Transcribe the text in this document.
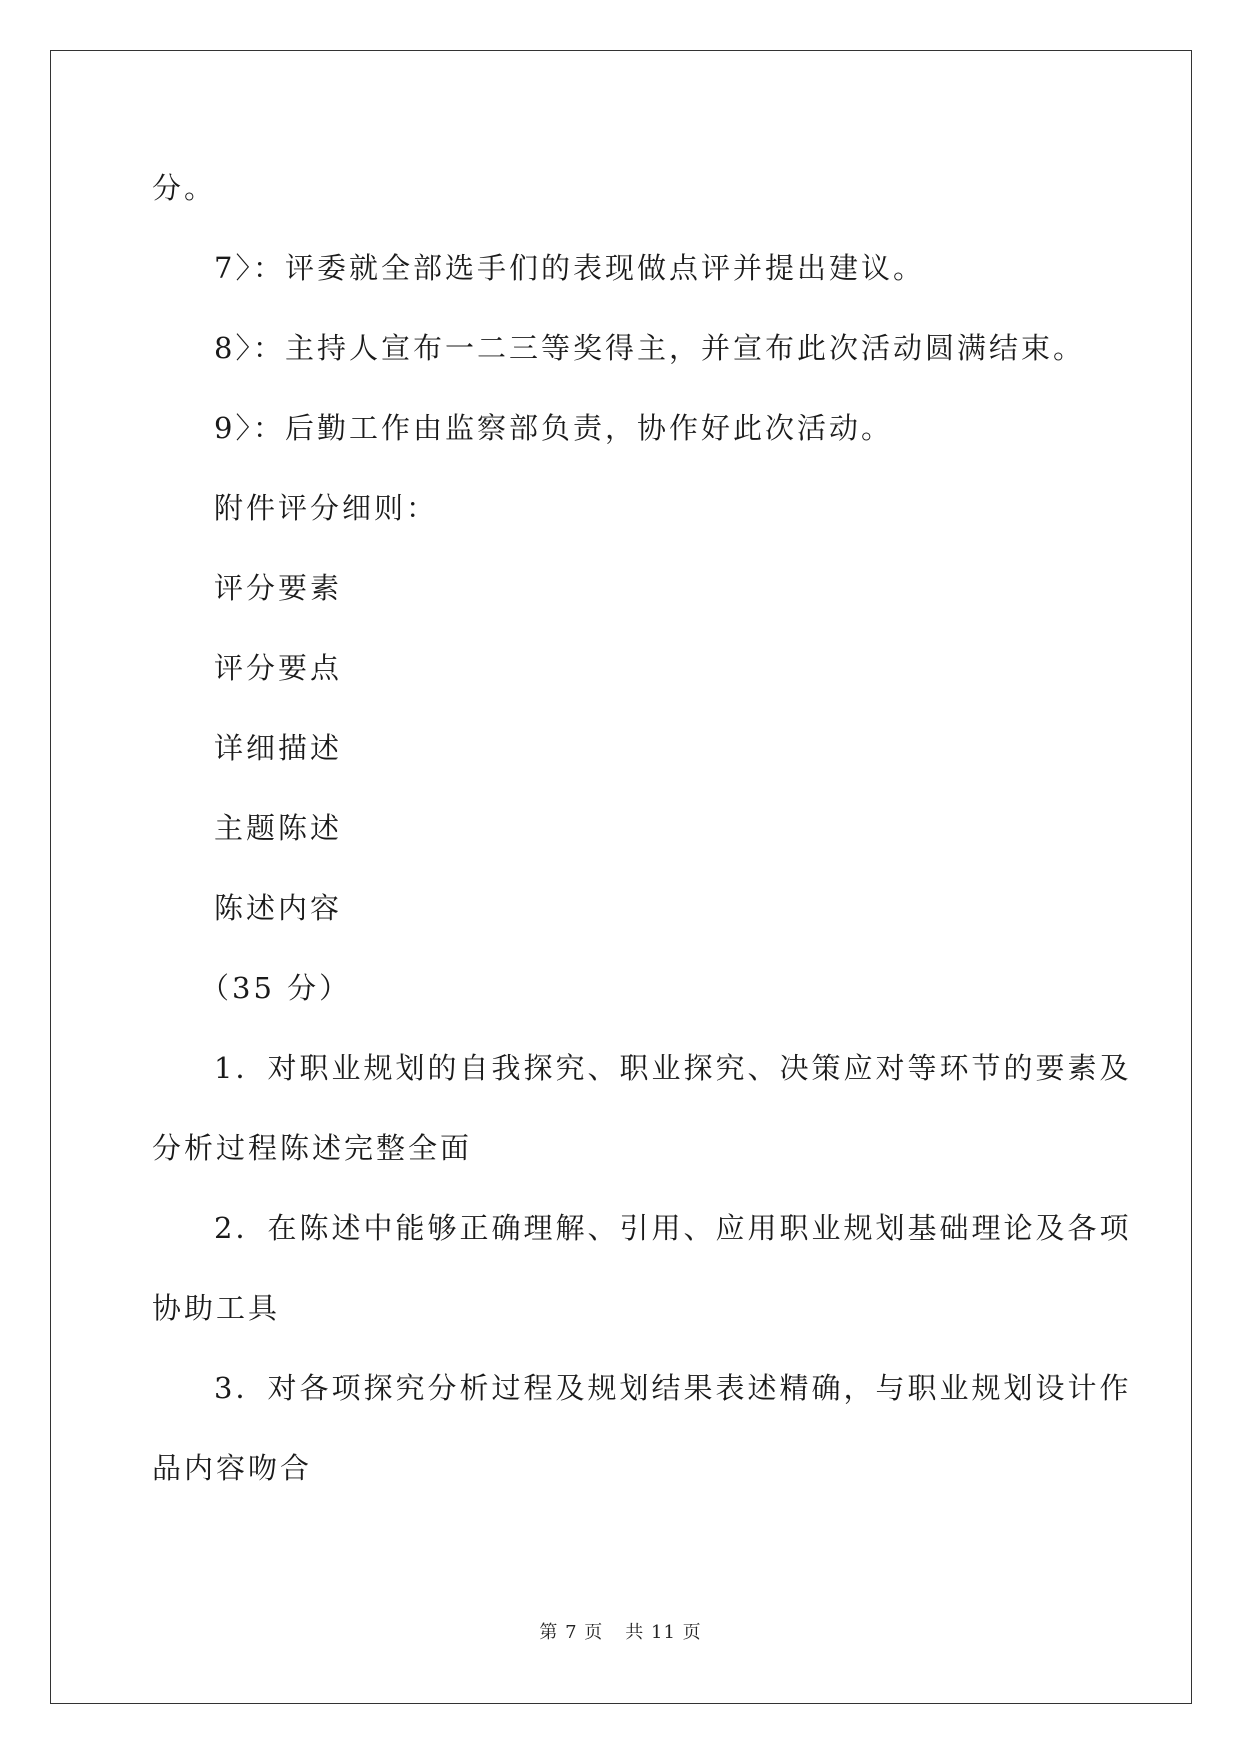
分。
7〉：评委就全部选手们的表现做点评并提出建议。
8〉：主持人宣布一二三等奖得主，并宣布此次活动圆满结束。
9〉：后勤工作由监察部负责，协作好此次活动。
附件评分细则：
评分要素
评分要点
详细描述
主题陈述
陈述内容
（35 分）
1．对职业规划的自我探究、职业探究、决策应对等环节的要素及
分析过程陈述完整全面
2．在陈述中能够正确理解、引用、应用职业规划基础理论及各项
协助工具
3．对各项探究分析过程及规划结果表述精确，与职业规划设计作
品内容吻合
第 7 页 共 11 页
